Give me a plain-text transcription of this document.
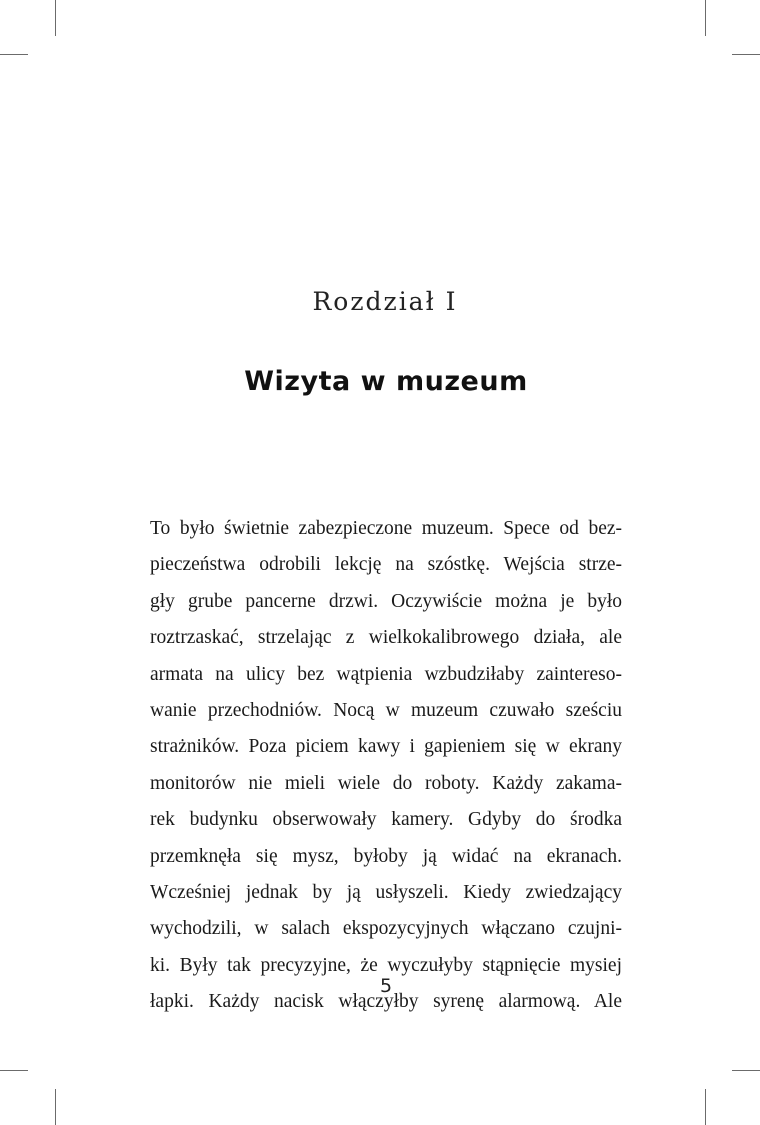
Rozdział I
Wizyta w muzeum
To było świetnie zabezpieczone muzeum. Spece od bez-
pieczeństwa odrobili lekcję na szóstkę. Wejścia strze-
gły grube pancerne drzwi. Oczywiście można je było
roztrzaskać, strzelając z wielkokalibrowego działa, ale
armata na ulicy bez wątpienia wzbudziłaby zaintereso-
wanie przechodniów. Nocą w muzeum czuwało sześciu
strażników. Poza piciem kawy i gapieniem się w ekrany
monitorów nie mieli wiele do roboty. Każdy zakama-
rek budynku obserwowały kamery. Gdyby do środka
przemknęła się mysz, byłoby ją widać na ekranach.
Wcześniej jednak by ją usłyszeli. Kiedy zwiedzający
wychodzili, w salach ekspozycyjnych włączano czujni-
ki. Były tak precyzyjne, że wyczułyby stąpnięcie mysiej
łapki. Każdy nacisk włączyłby syrenę alarmową. Ale
5
